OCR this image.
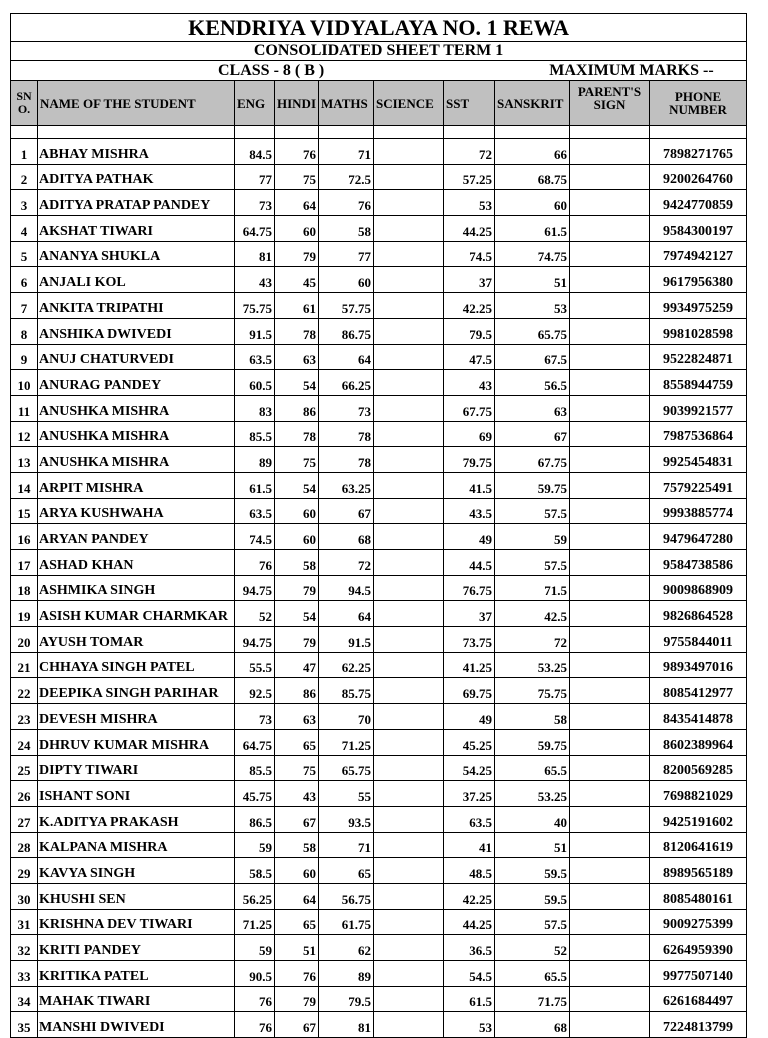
KENDRIYA VIDYALAYA NO. 1 REWA									
CONSOLIDATED SHEET TERM 1									
CLASS - 8 ( B ) MAXIMUM MARKS --									
SN O.	NAME OF THE STUDENT	ENG	HINDI	MATHS	SCIENCE	SST	SANSKRIT	PARENT'S SIGN	PHONE NUMBER

1	ABHAY MISHRA	84.5	76	71		72	66		7898271765
2	ADITYA PATHAK	77	75	72.5		57.25	68.75		9200264760
3	ADITYA PRATAP PANDEY	73	64	76		53	60		9424770859
4	AKSHAT TIWARI	64.75	60	58		44.25	61.5		9584300197
5	ANANYA SHUKLA	81	79	77		74.5	74.75		7974942127
6	ANJALI KOL	43	45	60		37	51		9617956380
7	ANKITA TRIPATHI	75.75	61	57.75		42.25	53		9934975259
8	ANSHIKA DWIVEDI	91.5	78	86.75		79.5	65.75		9981028598
9	ANUJ CHATURVEDI	63.5	63	64		47.5	67.5		9522824871
10	ANURAG PANDEY	60.5	54	66.25		43	56.5		8558944759
11	ANUSHKA MISHRA	83	86	73		67.75	63		9039921577
12	ANUSHKA MISHRA	85.5	78	78		69	67		7987536864
13	ANUSHKA MISHRA	89	75	78		79.75	67.75		9925454831
14	ARPIT MISHRA	61.5	54	63.25		41.5	59.75		7579225491
15	ARYA KUSHWAHA	63.5	60	67		43.5	57.5		9993885774
16	ARYAN PANDEY	74.5	60	68		49	59		9479647280
17	ASHAD KHAN	76	58	72		44.5	57.5		9584738586
18	ASHMIKA SINGH	94.75	79	94.5		76.75	71.5		9009868909
19	ASISH KUMAR CHARMKAR	52	54	64		37	42.5		9826864528
20	AYUSH TOMAR	94.75	79	91.5		73.75	72		9755844011
21	CHHAYA SINGH PATEL	55.5	47	62.25		41.25	53.25		9893497016
22	DEEPIKA SINGH PARIHAR	92.5	86	85.75		69.75	75.75		8085412977
23	DEVESH MISHRA	73	63	70		49	58		8435414878
24	DHRUV KUMAR MISHRA	64.75	65	71.25		45.25	59.75		8602389964
25	DIPTY TIWARI	85.5	75	65.75		54.25	65.5		8200569285
26	ISHANT SONI	45.75	43	55		37.25	53.25		7698821029
27	K.ADITYA PRAKASH	86.5	67	93.5		63.5	40		9425191602
28	KALPANA MISHRA	59	58	71		41	51		8120641619
29	KAVYA SINGH	58.5	60	65		48.5	59.5		8989565189
30	KHUSHI SEN	56.25	64	56.75		42.25	59.5		8085480161
31	KRISHNA DEV TIWARI	71.25	65	61.75		44.25	57.5		9009275399
32	KRITI PANDEY	59	51	62		36.5	52		6264959390
33	KRITIKA PATEL	90.5	76	89		54.5	65.5		9977507140
34	MAHAK TIWARI	76	79	79.5		61.5	71.75		6261684497
35	MANSHI DWIVEDI	76	67	81		53	68		7224813799
